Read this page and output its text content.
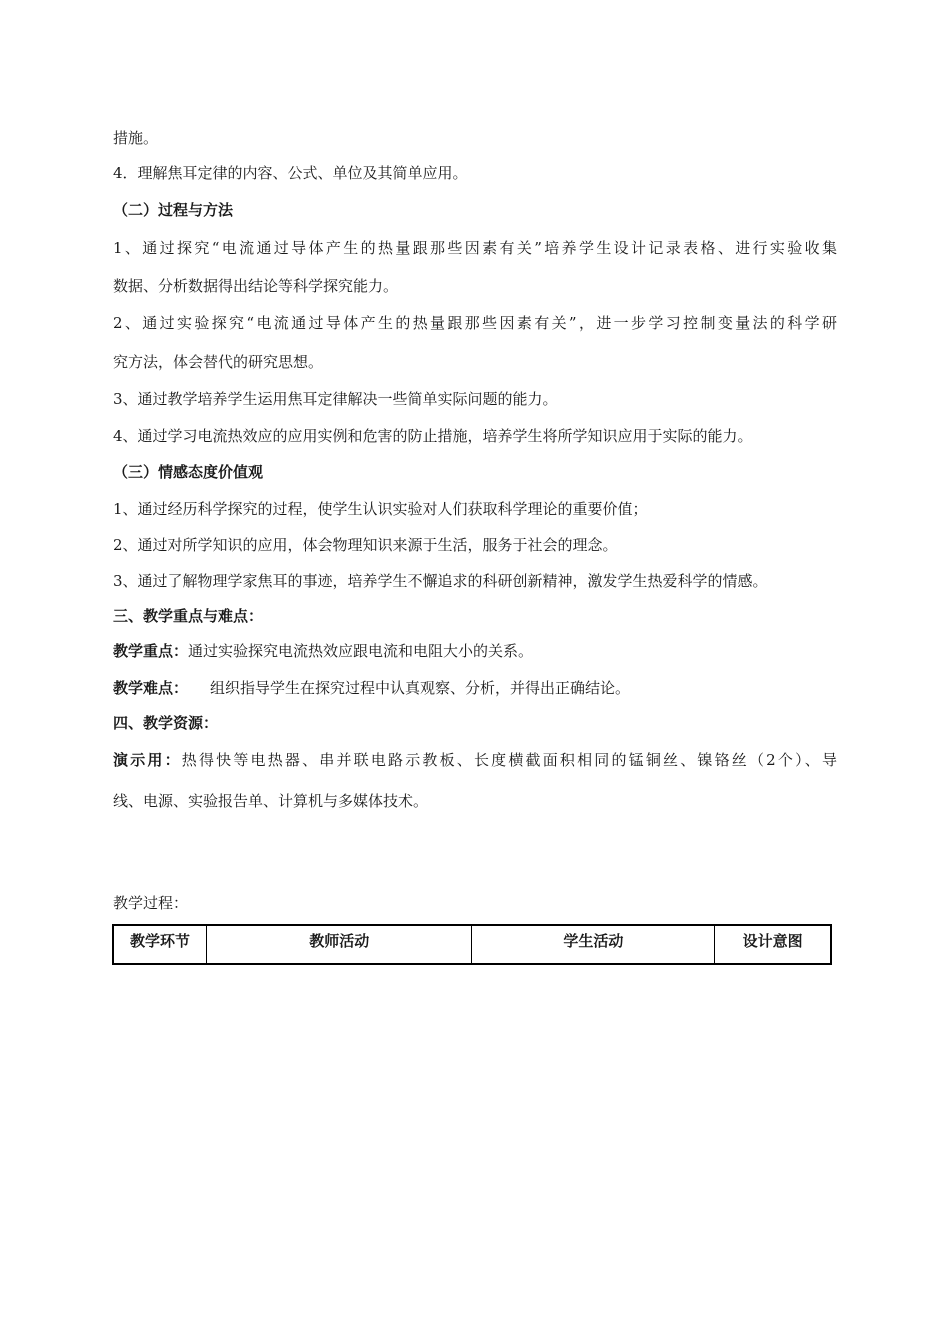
措施。
4．理解焦耳定律的内容、公式、单位及其简单应用。
（二）过程与方法
1、通过探究“电流通过导体产生的热量跟那些因素有关”培养学生设计记录表格、进行实验收集
数据、分析数据得出结论等科学探究能力。
2、通过实验探究“电流通过导体产生的热量跟那些因素有关”，进一步学习控制变量法的科学研
究方法，体会替代的研究思想。
3、通过教学培养学生运用焦耳定律解决一些简单实际问题的能力。
4、通过学习电流热效应的应用实例和危害的防止措施，培养学生将所学知识应用于实际的能力。
（三）情感态度价值观
1、通过经历科学探究的过程，使学生认识实验对人们获取科学理论的重要价值；
2、通过对所学知识的应用，体会物理知识来源于生活，服务于社会的理念。
3、通过了解物理学家焦耳的事迹，培养学生不懈追求的科研创新精神，激发学生热爱科学的情感。
三、教学重点与难点：
教学重点：通过实验探究电流热效应跟电流和电阻大小的关系。
教学难点： 组织指导学生在探究过程中认真观察、分析，并得出正确结论。
四、教学资源：
演示用：热得快等电热器、串并联电路示教板、长度横截面积相同的锰铜丝、镍铬丝（2个）、导
线、电源、实验报告单、计算机与多媒体技术。
教学过程：
教学环节	教师活动	学生活动	设计意图
